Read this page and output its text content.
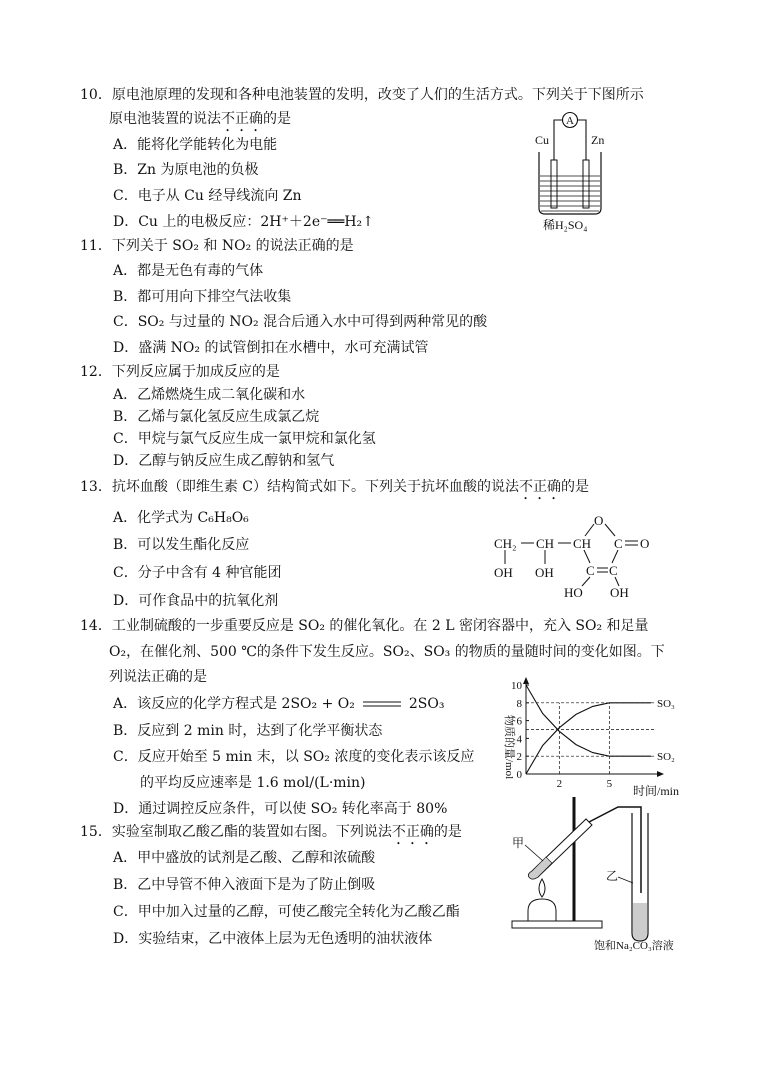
10．原电池原理的发现和各种电池装置的发明，改变了人们的生活方式。下列关于下图所示
原电池装置的说法不正确的是
A．能将化学能转化为电能
B．Zn 为原电池的负极
C．电子从 Cu 经导线流向 Zn
D．Cu 上的电极反应：2H⁺＋2e⁻══H₂↑
A
Cu	Zn
稀H₂SO₄
11．下列关于 SO₂ 和 NO₂ 的说法正确的是
A．都是无色有毒的气体
B．都可用向下排空气法收集
C．SO₂ 与过量的 NO₂ 混合后通入水中可得到两种常见的酸
D．盛满 NO₂ 的试管倒扣在水槽中，水可充满试管
12．下列反应属于加成反应的是
A．乙烯燃烧生成二氧化碳和水
B．乙烯与氯化氢反应生成氯乙烷
C．甲烷与氯气反应生成一氯甲烷和氯化氢
D．乙醇与钠反应生成乙醇钠和氢气
13．抗坏血酸（即维生素 C）结构简式如下。下列关于抗坏血酸的说法不正确的是
A．化学式为 C₆H₈O₆
B．可以发生酯化反应
C．分子中含有 4 种官能团
D．可作食品中的抗氧化剂
CH₂ CH CH
OH OH
O
C O
C C
HO OH
14．工业制硫酸的一步重要反应是 SO₂ 的催化氧化。在 2 L 密闭容器中，充入 SO₂ 和足量
O₂，在催化剂、500 ℃的条件下发生反应。SO₂、SO₃ 的物质的量随时间的变化如图。下
列说法正确的是
A．该反应的化学方程式是 2SO₂ + O₂	2SO₃
B．反应到 2 min 时，达到了化学平衡状态
C．反应开始至 5 min 末，以 SO₂ 浓度的变化表示该反应
的平均反应速率是 1.6 mol/(L·min)
D．通过调控反应条件，可以使 SO₂ 转化率高于 80%
物质的量/mol
时间/min
0
2
4
6
8
10
2	5
SO₃
SO₂
15．实验室制取乙酸乙酯的装置如右图。下列说法不正确的是
A．甲中盛放的试剂是乙酸、乙醇和浓硫酸
B．乙中导管不伸入液面下是为了防止倒吸
C．甲中加入过量的乙醇，可使乙酸完全转化为乙酸乙酯
D．实验结束，乙中液体上层为无色透明的油状液体
甲
乙
饱和Na₂CO₃溶液
